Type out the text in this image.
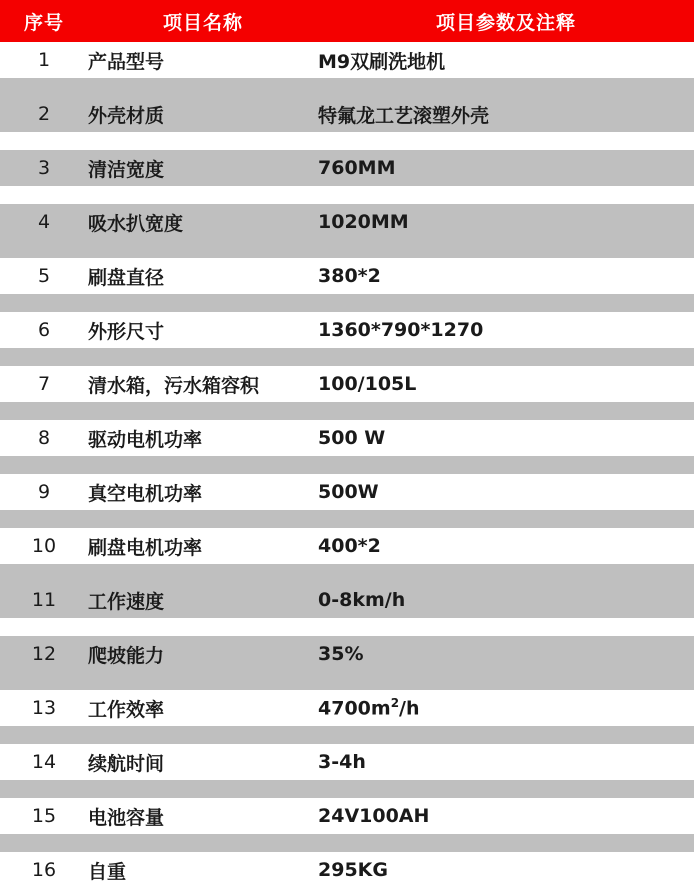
序号	项目名称	项目参数及注释
1	产品型号	M9双刷洗地机

2	外壳材质	特氟龙工艺滚塑外壳

3	清洁宽度	760MM

4	吸水扒宽度	1020MM

5	刷盘直径	380*2

6	外形尺寸	1360*790*1270

7	清水箱，污水箱容积	100/105L

8	驱动电机功率	500 W

9	真空电机功率	500W

10	刷盘电机功率	400*2

11	工作速度	0-8km/h

12	爬坡能力	35%

13	工作效率	$4700m^2/h$

14	续航时间	3-4h

15	电池容量	24V100AH

16	自重	295KG
